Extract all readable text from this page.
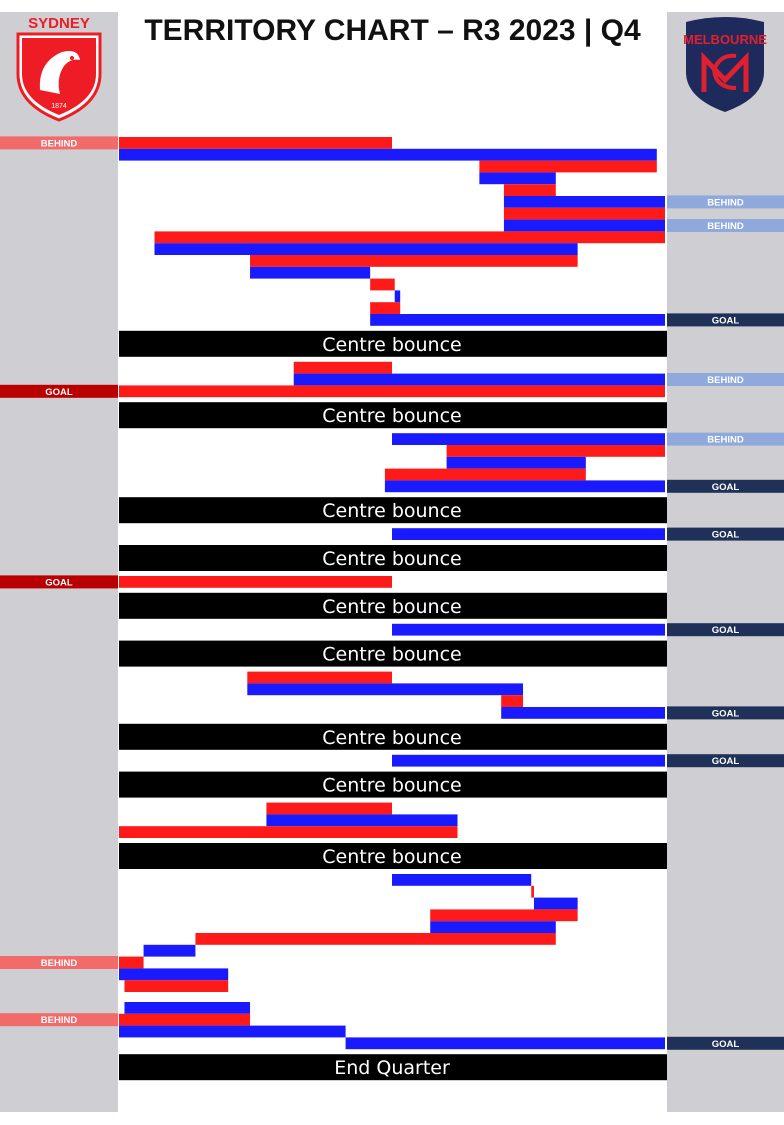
TERRITORY CHART – R3 2023 | Q4
SYDNEY
1874
MELBOURNE
Centre bounce
Centre bounce
Centre bounce
Centre bounce
Centre bounce
Centre bounce
Centre bounce
Centre bounce
Centre bounce
End Quarter
BEHIND
BEHIND
BEHIND
GOAL
BEHIND
GOAL
BEHIND
GOAL
GOAL
GOAL
GOAL
GOAL
GOAL
BEHIND
BEHIND
GOAL
